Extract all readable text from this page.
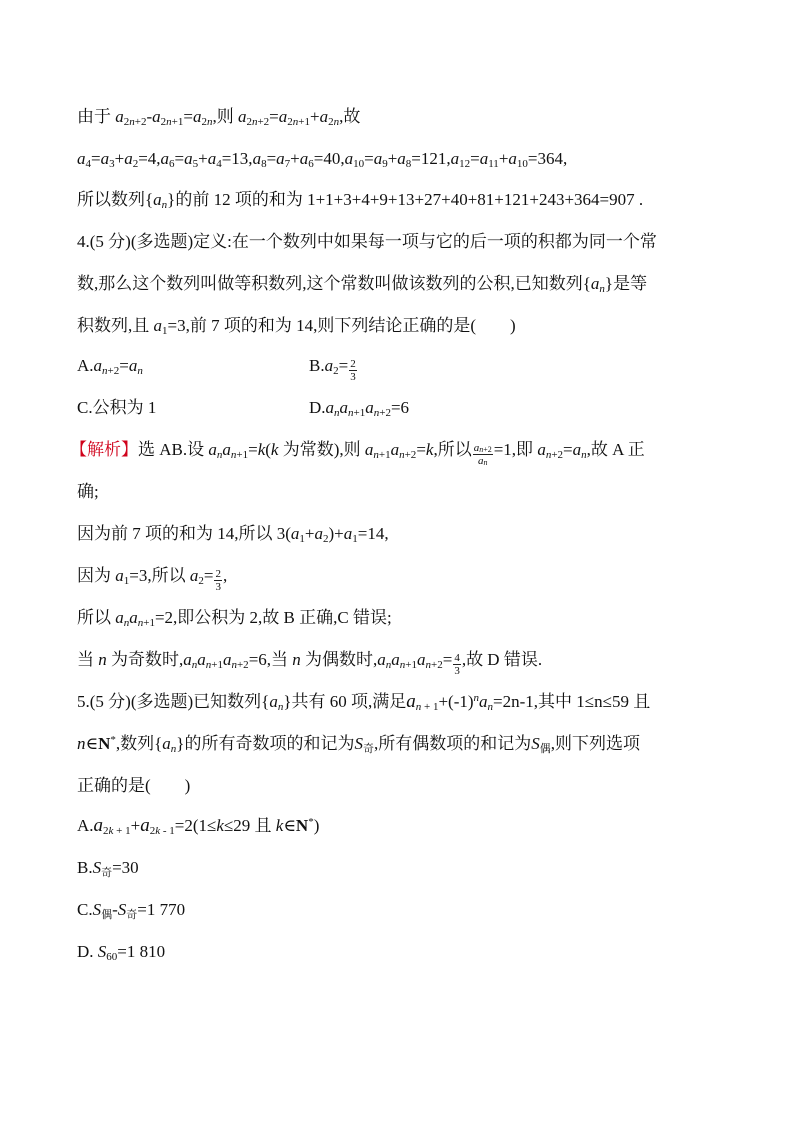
由于 $a_{2n+2}-a_{2n+1}=a_{2n}$,则 $a_{2n+2}=a_{2n+1}+a_{2n}$,故
$a_4=a_3+a_2=4,a_6=a_5+a_4=13,a_8=a_7+a_6=40,a_{10}=a_9+a_8=121,a_{12}=a_{11}+a_{10}=364$,
所以数列$\{a_n\}$的前 12 项的和为 1+1+3+4+9+13+27+40+81+121+243+364=907 .
4.(5 分)(多选题)定义:在一个数列中如果每一项与它的后一项的积都为同一个常
数,那么这个数列叫做等积数列,这个常数叫做该数列的公积,已知数列$\{a_n\}$是等
积数列,且 $a_1=3$,前 7 项的和为 14,则下列结论正确的是(　　)
$A.a_{n+2}=a_n$	$B.a_2= \frac{2}{3}$
C.公积为 1	$D.a_na_{n+1}a_{n+2}=6$
【解析】选 AB.设 $a_na_{n+1}=k(k$ 为常数),则 $a_{n+1}a_{n+2}=k$,所以 $\frac{a_{n+2}}{a_n} =1$,即 $a_{n+2}=a_n$,故 A 正
确;
因为前 7 项的和为 14,所以 $3(a_1+a_2)+a_1=14$,
因为 $a_1=3$,所以 $a_2= \frac{2}{3}$ ,
所以 $a_na_{n+1}=2$,即公积为 2,故 B 正确,C 错误;
当 n 为奇数时$,a_na_{n+1}a_{n+2}=6$,当 n 为偶数时$,a_na_{n+1}a_{n+2}= \frac{4}{3}$ ,故 D 错误.
5.(5 分)(多选题)已知数列$\{a_n\}$共有 60 项,满足$a_{n + 1}+(-1)^na_n=2n-1$,其中 1≤n≤59 且
n∈N*,数列$\{a_n\}$的所有奇数项的和记为$S_奇$,所有偶数项的和记为$S_偶$,则下列选项
正确的是(　　)
$A.a_{2k + 1}+a_{2k - 1}=2(1\le k\le 29$ 且 k∈N*)
$B.S_奇=30$
$C.S_偶-S_奇=1$ 770
D. $S_{60}=1$ 810
